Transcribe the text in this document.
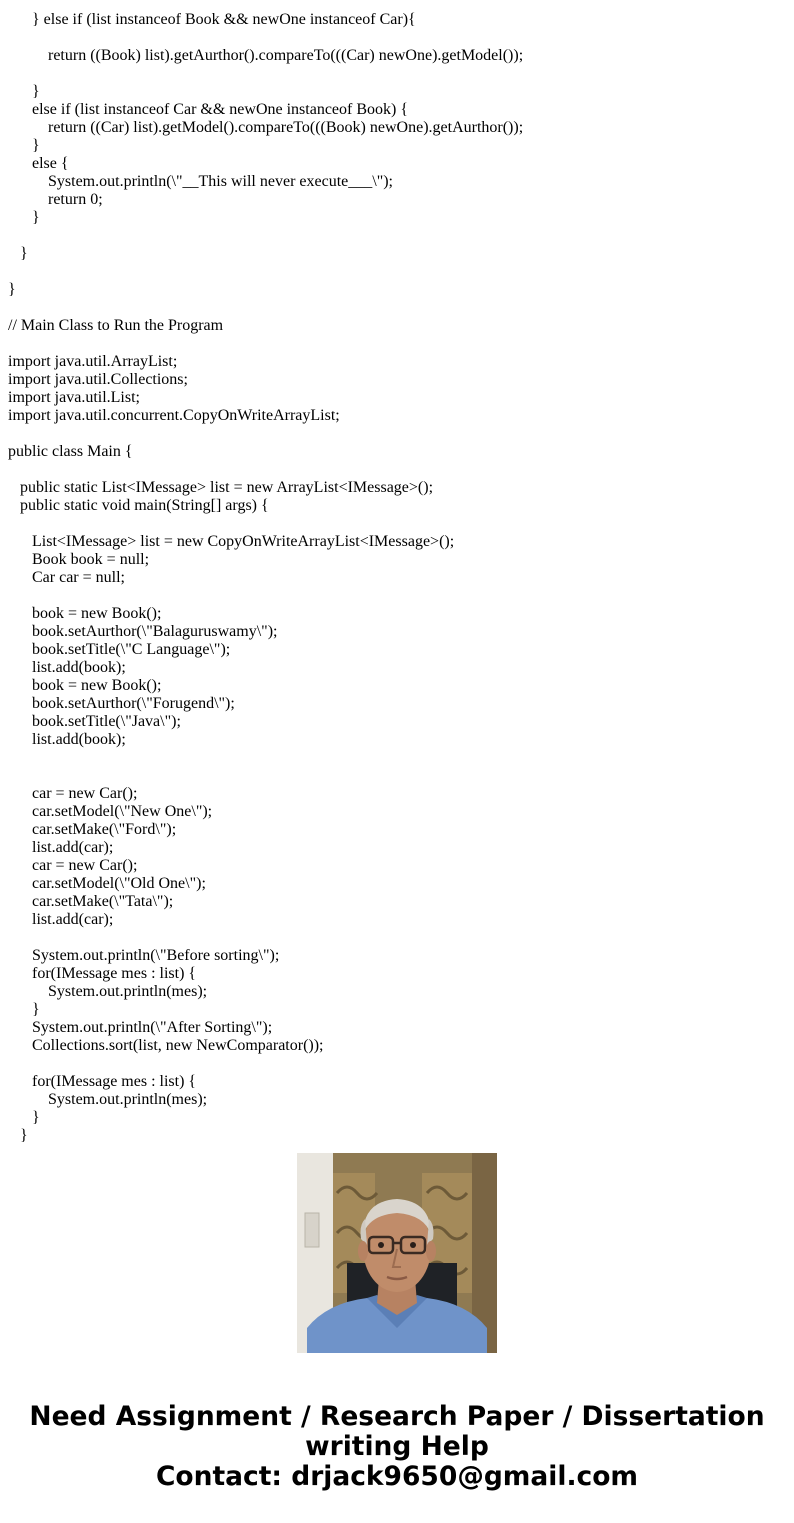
} else if (list instanceof Book && newOne instanceof Car){

return ((Book) list).getAurthor().compareTo(((Car) newOne).getModel());

}
else if (list instanceof Car && newOne instanceof Book) {
return ((Car) list).getModel().compareTo(((Book) newOne).getAurthor());
}
else {
System.out.println(\"__This will never execute___\");
return 0;
}

}

}

// Main Class to Run the Program

import java.util.ArrayList;
import java.util.Collections;
import java.util.List;
import java.util.concurrent.CopyOnWriteArrayList;

public class Main {

public static List<IMessage> list = new ArrayList<IMessage>();
public static void main(String[] args) {

List<IMessage> list = new CopyOnWriteArrayList<IMessage>();
Book book = null;
Car car = null;

book = new Book();
book.setAurthor(\"Balaguruswamy\");
book.setTitle(\"C Language\");
list.add(book);
book = new Book();
book.setAurthor(\"Forugend\");
book.setTitle(\"Java\");
list.add(book);

car = new Car();
car.setModel(\"New One\");
car.setMake(\"Ford\");
list.add(car);
car = new Car();
car.setModel(\"Old One\");
car.setMake(\"Tata\");
list.add(car);

System.out.println(\"Before sorting\");
for(IMessage mes : list) {
System.out.println(mes);
}
System.out.println(\"After Sorting\");
Collections.sort(list, new NewComparator());

for(IMessage mes : list) {
System.out.println(mes);
}
}

Need Assignment / Research Paper / Dissertation
writing Help
Contact: drjack9650@gmail.com
